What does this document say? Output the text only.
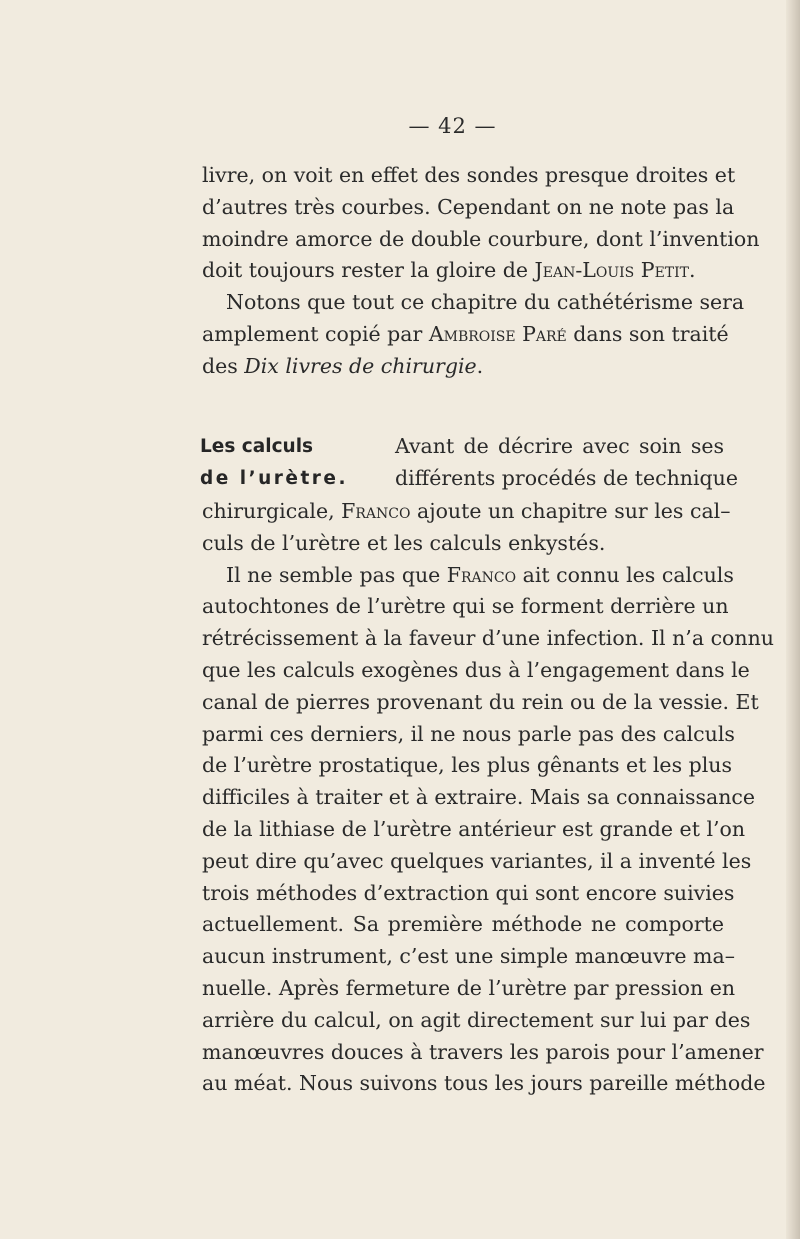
— 42 —
livre, on voit en effet des sondes presque droites et
d’autres très courbes. Cependant on ne note pas la
moindre amorce de double courbure, dont l’invention
doit toujours rester la gloire de Jean-Louis Petit.
Notons que tout ce chapitre du cathétérisme sera
amplement copié par Ambroise Paré dans son traité
des Dix livres de chirurgie.
Les calculs
de l’urètre.
Avant de décrire avec soin ses
différents procédés de technique
chirurgicale, Franco ajoute un chapitre sur les cal–
culs de l’urètre et les calculs enkystés.
Il ne semble pas que Franco ait connu les calculs
autochtones de l’urètre qui se forment derrière un
rétrécissement à la faveur d’une infection. Il n’a connu
que les calculs exogènes dus à l’engagement dans le
canal de pierres provenant du rein ou de la vessie. Et
parmi ces derniers, il ne nous parle pas des calculs
de l’urètre prostatique, les plus gênants et les plus
difficiles à traiter et à extraire. Mais sa connaissance
de la lithiase de l’urètre antérieur est grande et l’on
peut dire qu’avec quelques variantes, il a inventé les
trois méthodes d’extraction qui sont encore suivies
actuellement. Sa première méthode ne comporte
aucun instrument, c’est une simple manœuvre ma–
nuelle. Après fermeture de l’urètre par pression en
arrière du calcul, on agit directement sur lui par des
manœuvres douces à travers les parois pour l’amener
au méat. Nous suivons tous les jours pareille méthode
